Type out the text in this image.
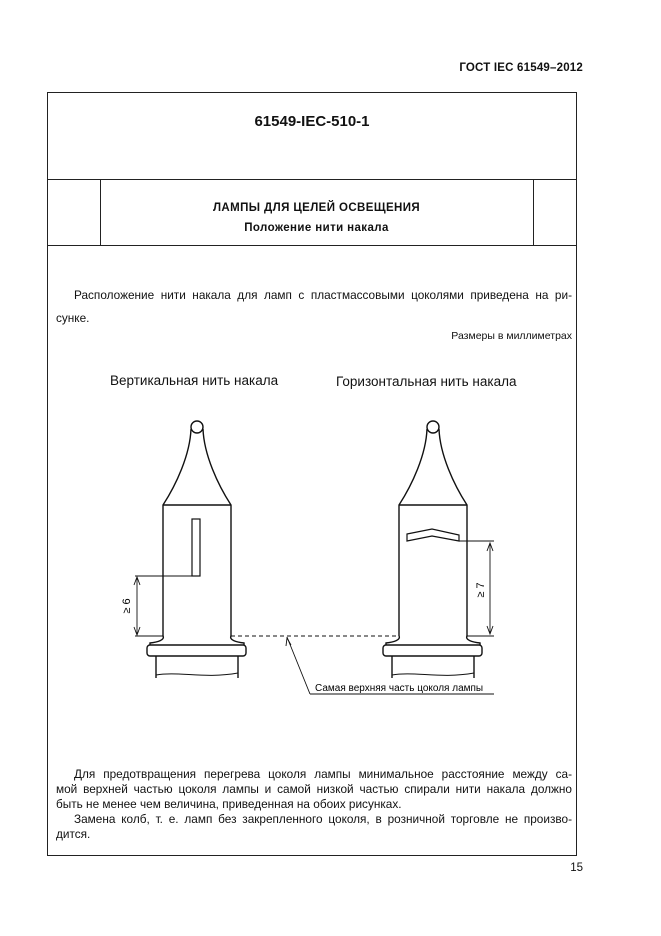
ГОСТ IEC 61549–2012
61549-IEC-510-1
ЛАМПЫ ДЛЯ ЦЕЛЕЙ ОСВЕЩЕНИЯ
Положение нити накала
Расположение нити накала для ламп с пластмассовыми цоколями приведена на ри-
сунке.
Размеры в миллиметрах
Вертикальная нить накала	Горизонтальная нить накала
≥ 6
≥ 7
Самая верхняя часть цоколя лампы
Для предотвращения перегрева цоколя лампы минимальное расстояние между са-
мой верхней частью цоколя лампы и самой низкой частью спирали нити накала должно
быть не менее чем величина, приведенная на обоих рисунках.
Замена колб, т. е. ламп без закрепленного цоколя, в розничной торговле не произво-
дится.
15
